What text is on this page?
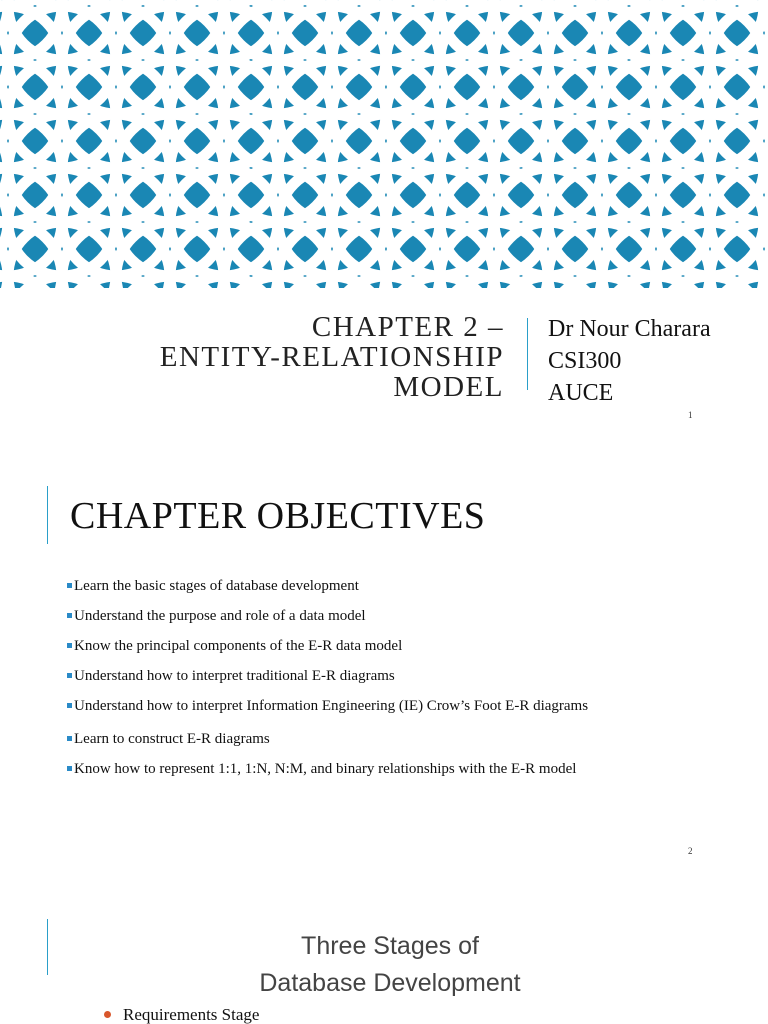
CHAPTER 2 –
ENTITY-RELATIONSHIP
MODEL
Dr Nour Charara
CSI300
AUCE
1
CHAPTER OBJECTIVES
Learn the basic stages of database development
Understand the purpose and role of a data model
Know the principal components of the E-R data model
Understand how to interpret traditional E-R diagrams
Understand how to interpret Information Engineering (IE) Crow’s Foot E-R diagrams
Learn to construct E-R diagrams
Know how to represent 1:1, 1:N, N:M, and binary relationships with the E-R model
2
Three Stages of
Database Development
Requirements Stage
